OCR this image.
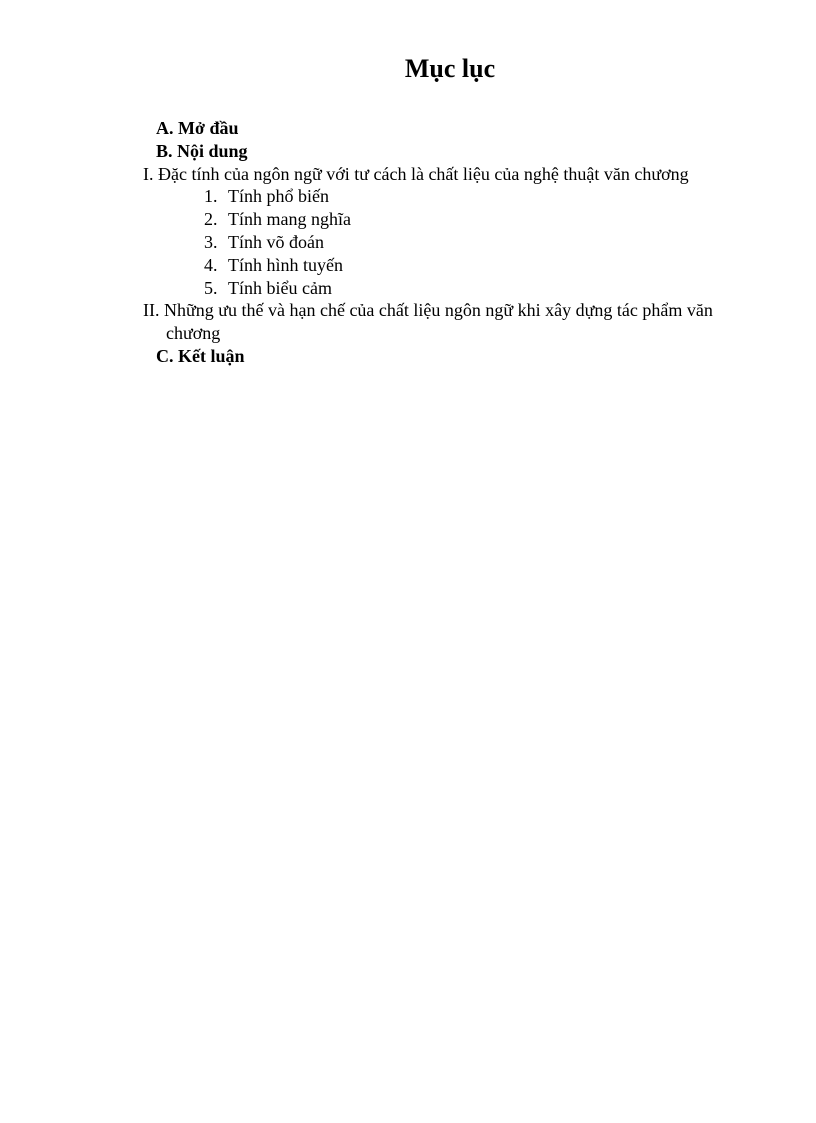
Mục lục
A. Mở đầu
B. Nội dung
I. Đặc tính của ngôn ngữ với tư cách là chất liệu của nghệ thuật văn chương
1. Tính phổ biến
2. Tính mang nghĩa
3. Tính võ đoán
4. Tính hình tuyến
5. Tính biểu cảm
II. Những ưu thế và hạn chế của chất liệu ngôn ngữ khi xây dựng tác phẩm văn chương
C. Kết luận
